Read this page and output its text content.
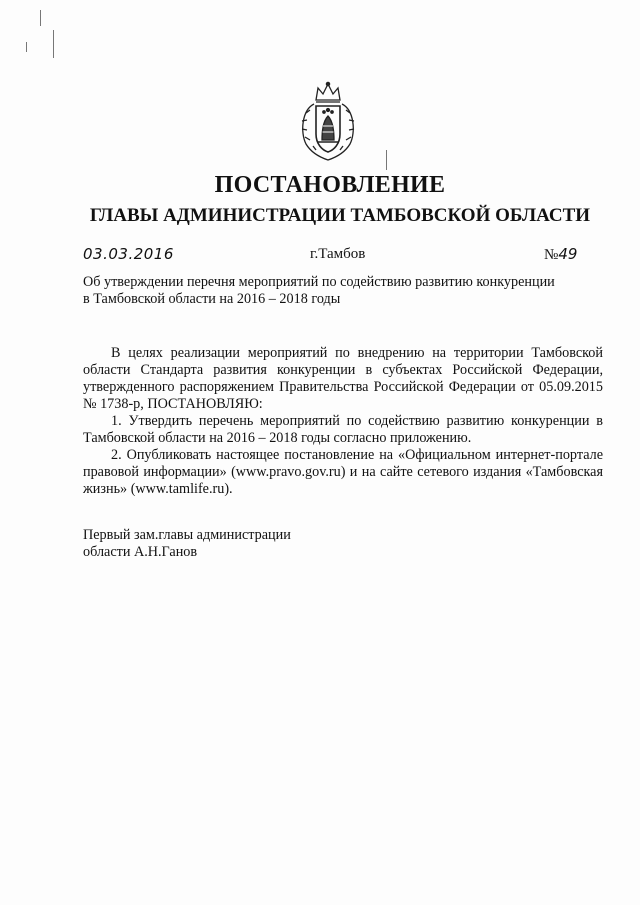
ПОСТАНОВЛЕНИЕ
ГЛАВЫ АДМИНИСТРАЦИИ ТАМБОВСКОЙ ОБЛАСТИ
03.03.2016	г.Тамбов	№49
Об утверждении перечня мероприятий по содействию развитию конкуренции
в Тамбовской области на 2016 – 2018 годы

В целях реализации мероприятий по внедрению на территории Тамбовской области Стандарта развития конкуренции в субъектах Российской Федерации, утвержденного распоряжением Правительства Российской Федерации от 05.09.2015 № 1738-р, ПОСТАНОВЛЯЮ:

1. Утвердить перечень мероприятий по содействию развитию конкуренции в Тамбовской области на 2016 – 2018 годы согласно приложению.

2. Опубликовать настоящее постановление на «Официальном интернет-портале правовой информации» (www.pravo.gov.ru) и на сайте сетевого издания «Тамбовская жизнь» (www.tamlife.ru).

Первый зам.главы администрации
области А.Н.Ганов
